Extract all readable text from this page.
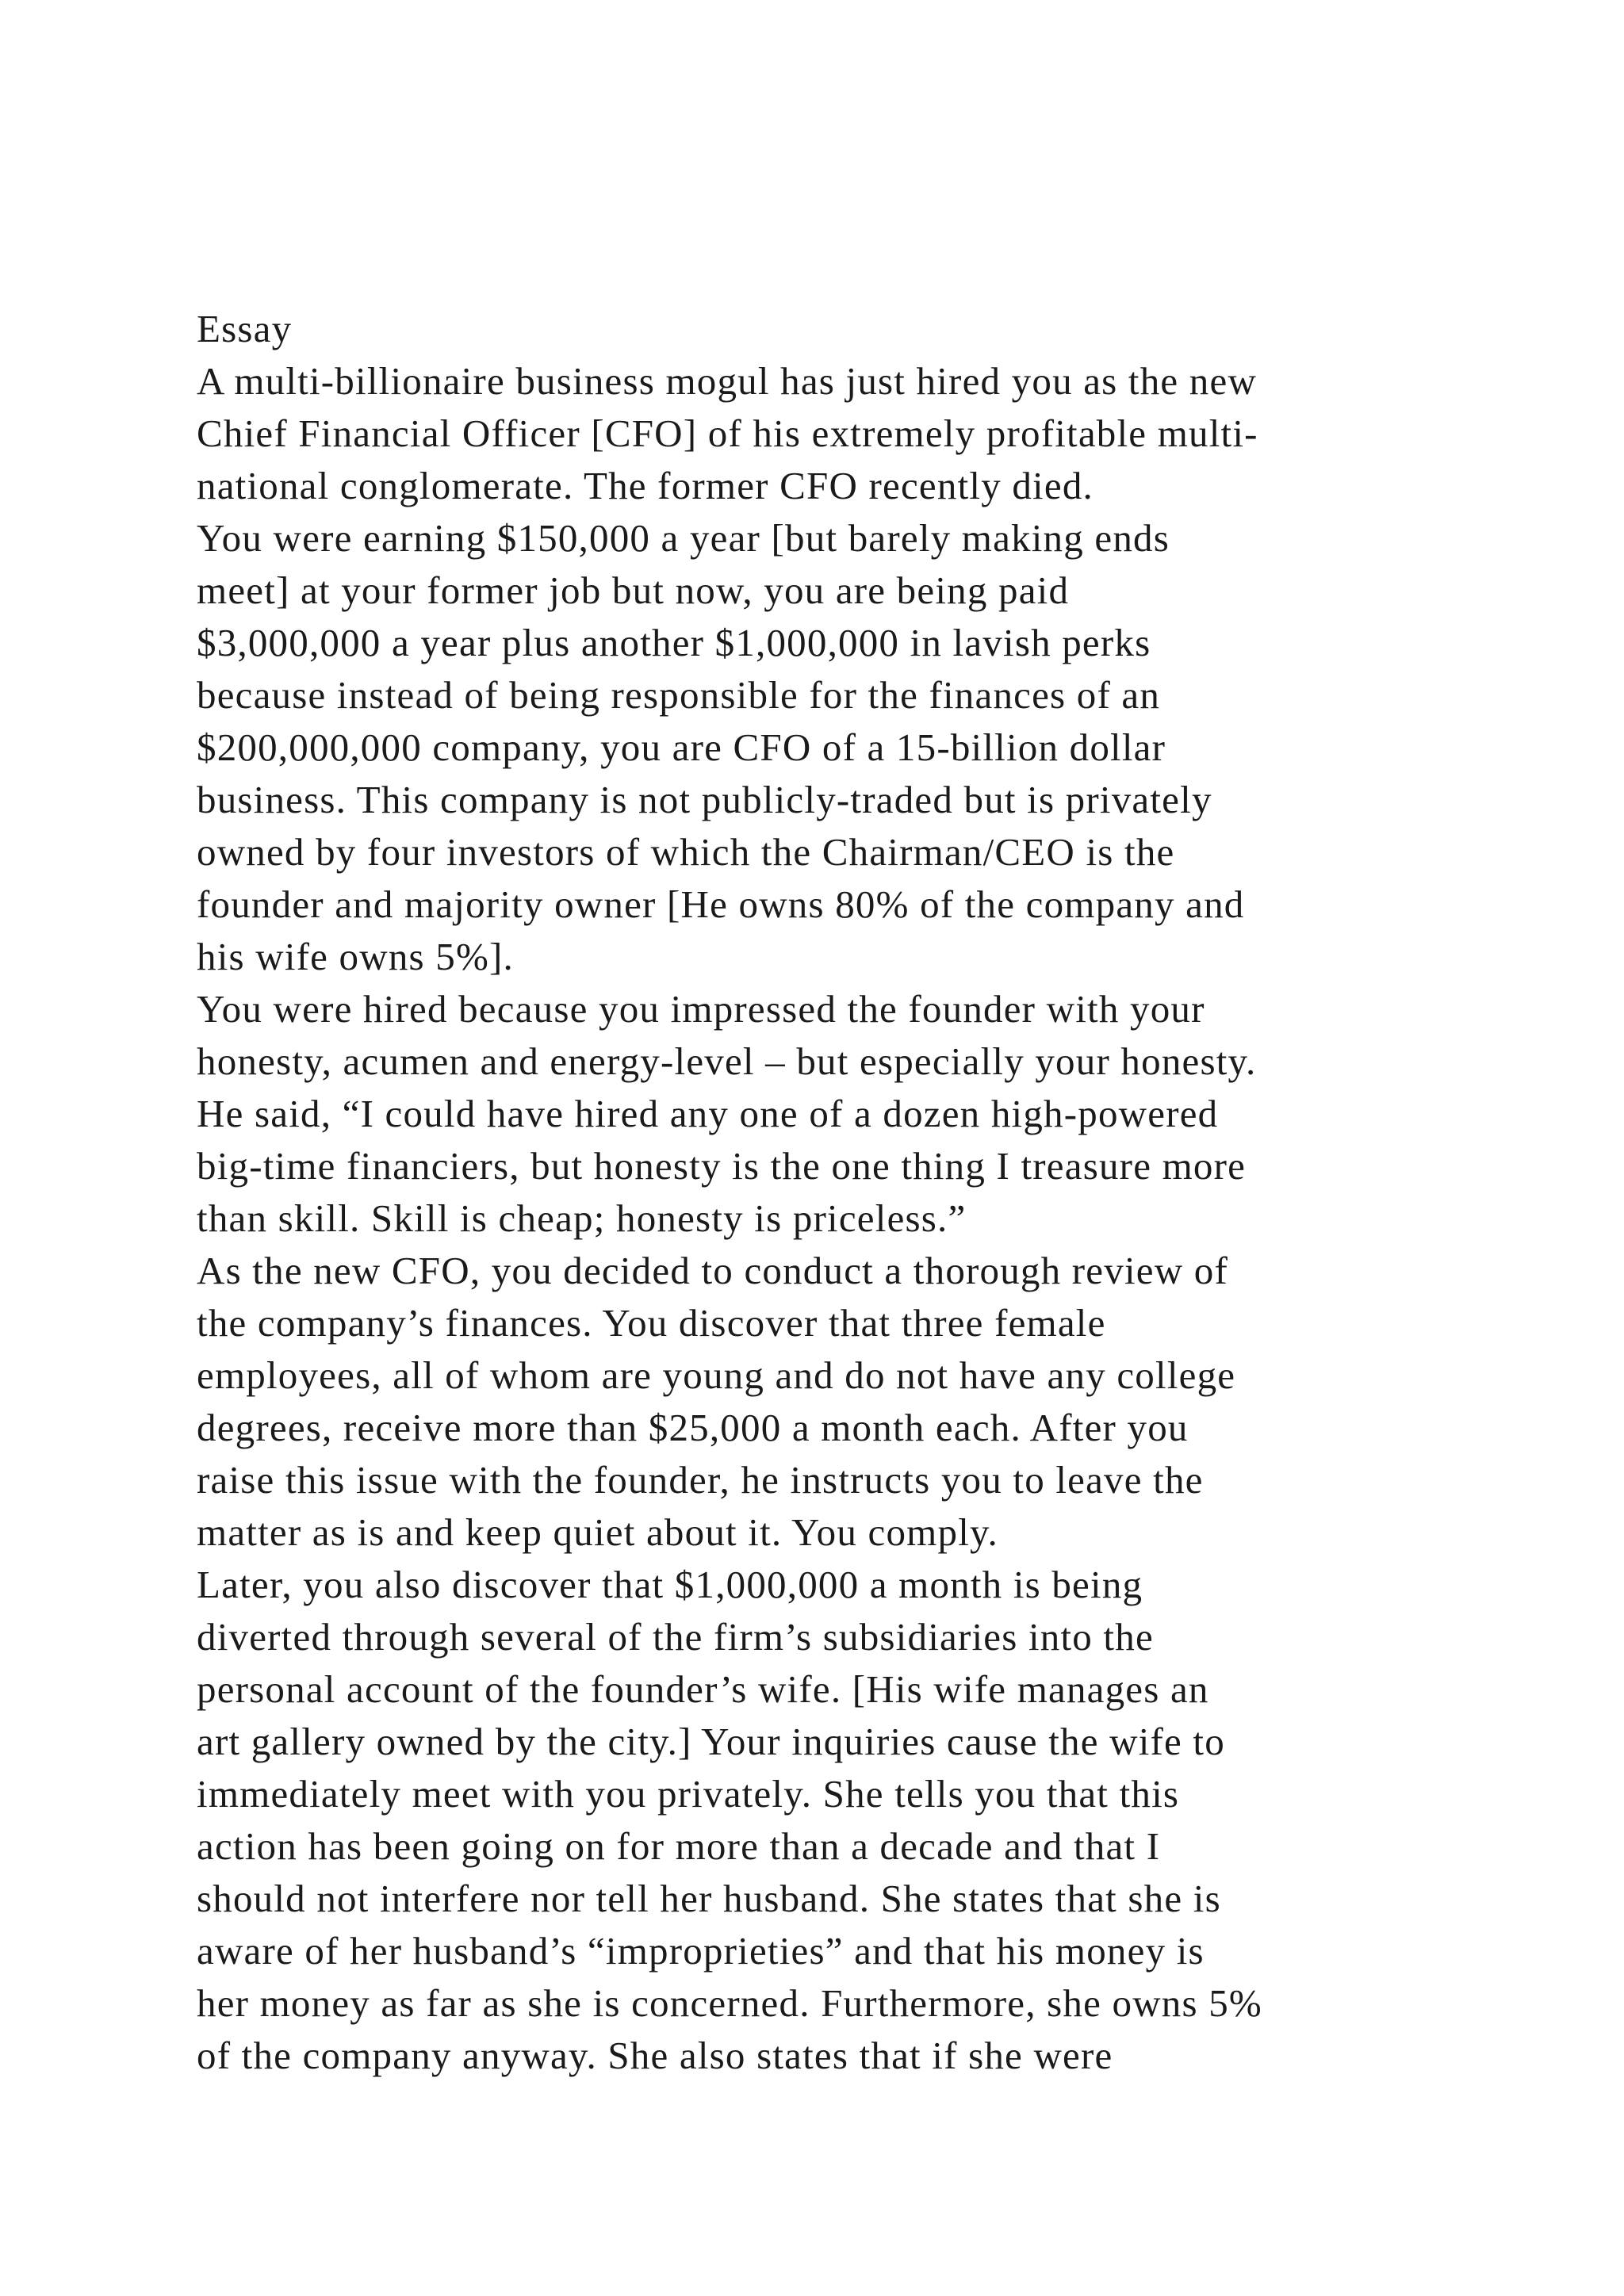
Essay
A multi-billionaire business mogul has just hired you as the new
Chief Financial Officer [CFO] of his extremely profitable multi-
national conglomerate. The former CFO recently died.
You were earning $150,000 a year [but barely making ends
meet] at your former job but now, you are being paid
$3,000,000 a year plus another $1,000,000 in lavish perks
because instead of being responsible for the finances of an
$200,000,000 company, you are CFO of a 15-billion dollar
business. This company is not publicly-traded but is privately
owned by four investors of which the Chairman/CEO is the
founder and majority owner [He owns 80% of the company and
his wife owns 5%].
You were hired because you impressed the founder with your
honesty, acumen and energy-level – but especially your honesty.
He said, “I could have hired any one of a dozen high-powered
big-time financiers, but honesty is the one thing I treasure more
than skill. Skill is cheap; honesty is priceless.”
As the new CFO, you decided to conduct a thorough review of
the company’s finances. You discover that three female
employees, all of whom are young and do not have any college
degrees, receive more than $25,000 a month each. After you
raise this issue with the founder, he instructs you to leave the
matter as is and keep quiet about it. You comply.
Later, you also discover that $1,000,000 a month is being
diverted through several of the firm’s subsidiaries into the
personal account of the founder’s wife. [His wife manages an
art gallery owned by the city.] Your inquiries cause the wife to
immediately meet with you privately. She tells you that this
action has been going on for more than a decade and that I
should not interfere nor tell her husband. She states that she is
aware of her husband’s “improprieties” and that his money is
her money as far as she is concerned. Furthermore, she owns 5%
of the company anyway. She also states that if she were
